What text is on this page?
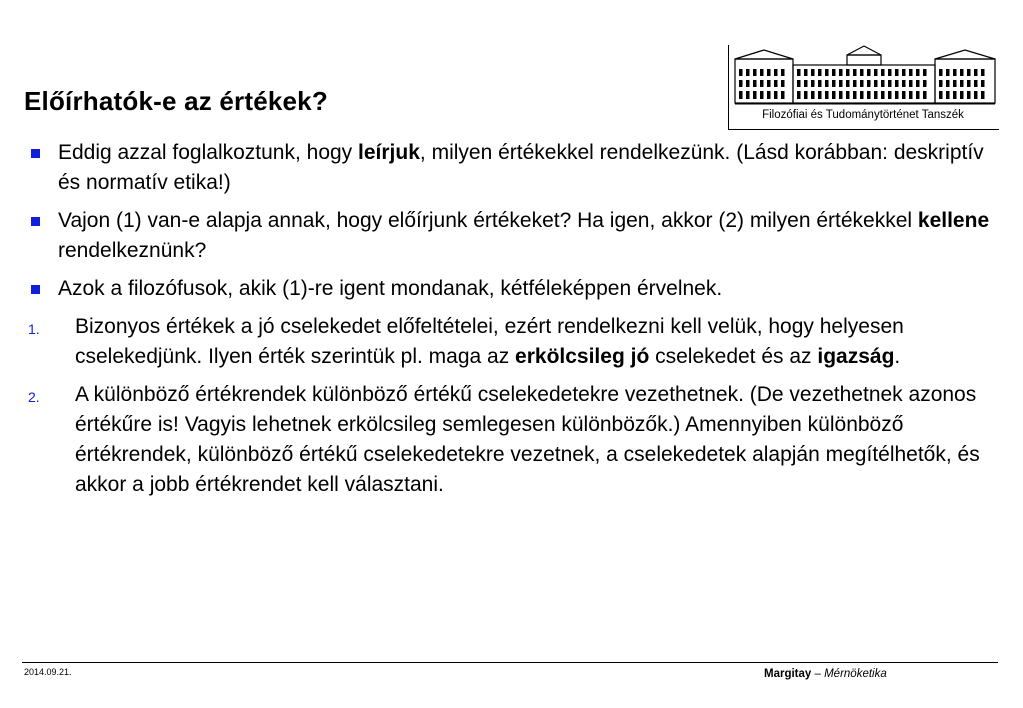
Előírhatók-e az értékek?	Filozófiai és Tudománytörténet Tanszék
Eddig azzal foglalkoztunk, hogy leírjuk, milyen értékekkel rendelkezünk. (Lásd korábban: deskriptív és normatív etika!)
Vajon (1) van-e alapja annak, hogy előírjunk értékeket? Ha igen, akkor (2) milyen értékekkel kellene rendelkeznünk?
Azok a filozófusok, akik (1)-re igent mondanak, kétféleképpen érvelnek.
1. Bizonyos értékek a jó cselekedet előfeltételei, ezért rendelkezni kell velük, hogy helyesen cselekedjünk. Ilyen érték szerintük pl. maga az erkölcsileg jó cselekedet és az igazság.
2. A különböző értékrendek különböző értékű cselekedetekre vezethetnek. (De vezethetnek azonos értékűre is! Vagyis lehetnek erkölcsileg semlegesen különbözők.) Amennyiben különböző értékrendek, különböző értékű cselekedetekre vezetnek, a cselekedetek alapján megítélhetők, és akkor a jobb értékrendet kell választani.
2014.09.21.	Margitay – Mérnöketika
